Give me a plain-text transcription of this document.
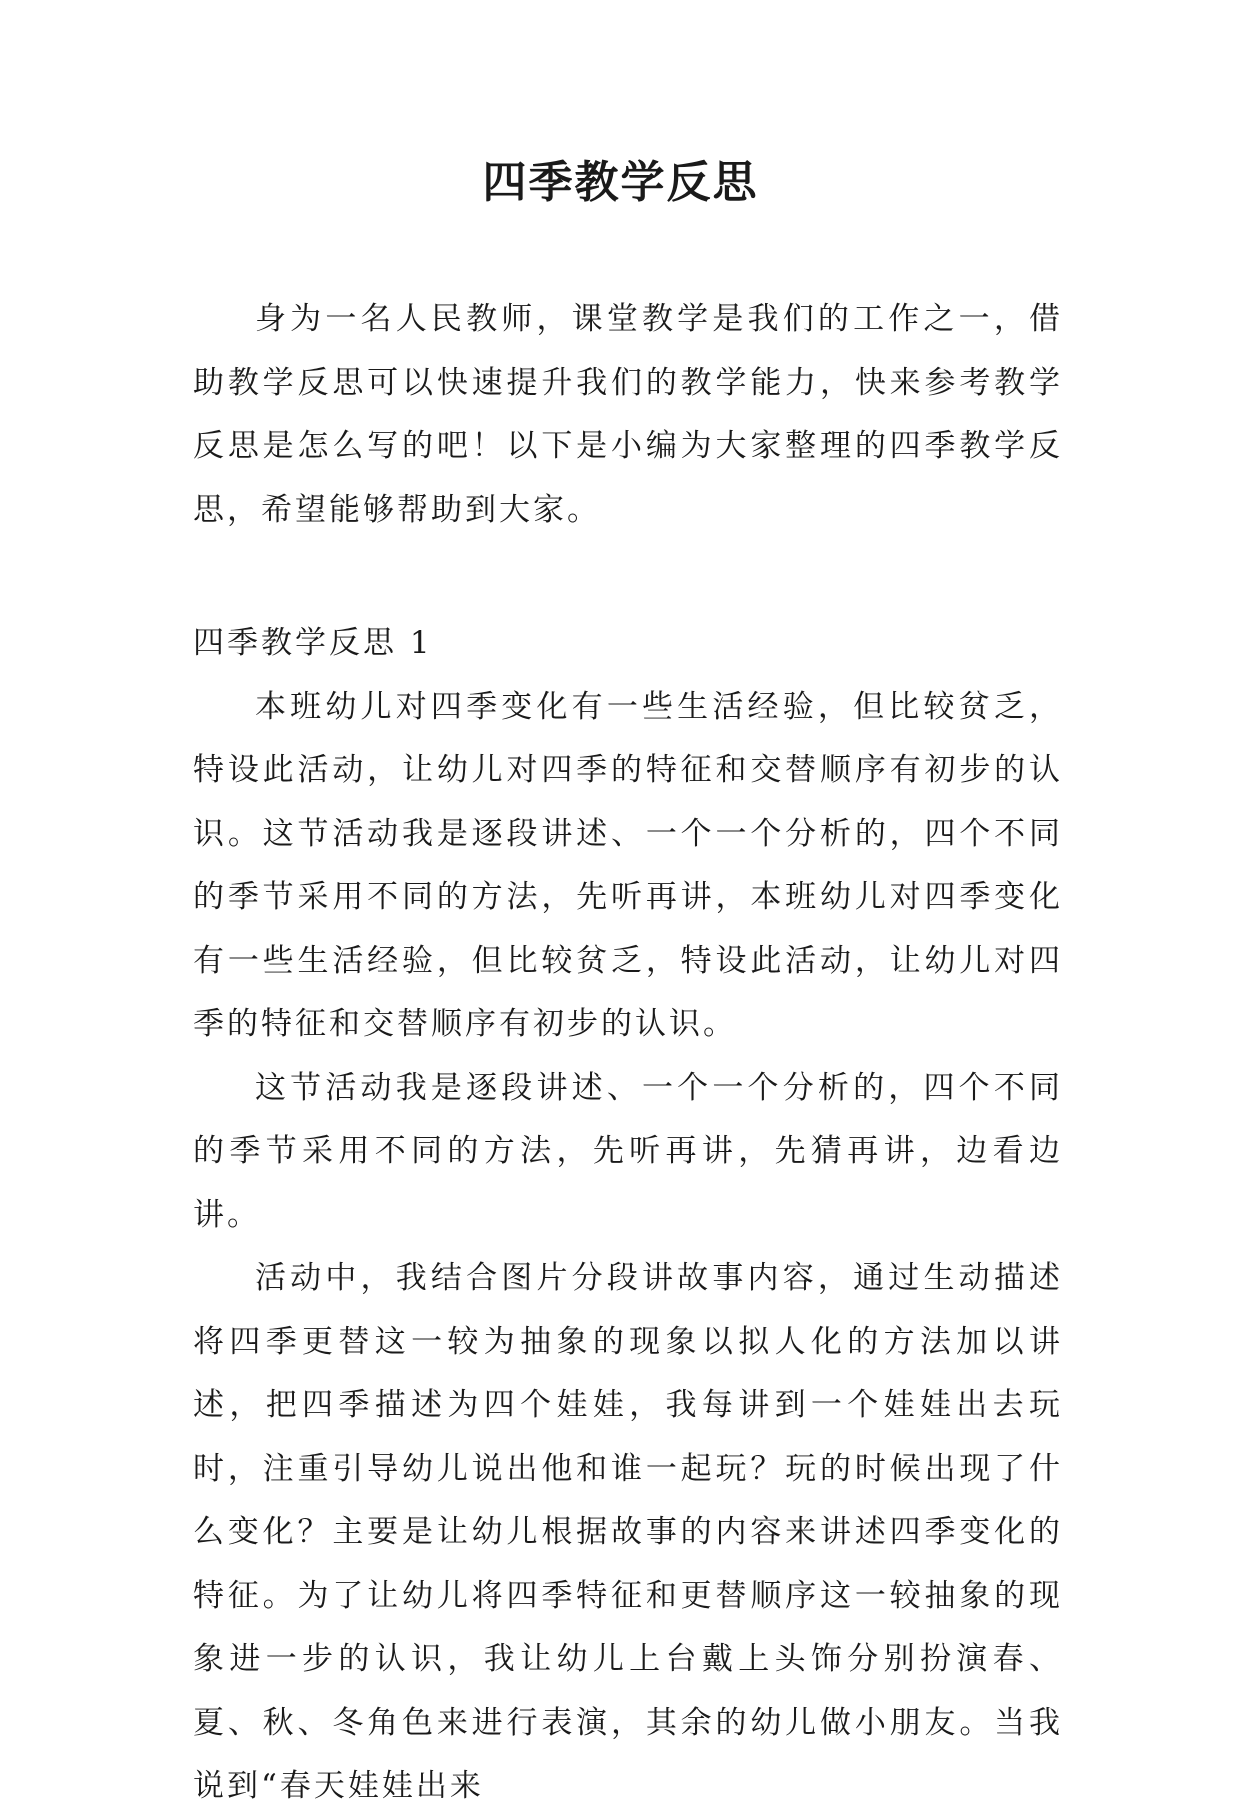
四季教学反思

身为一名人民教师，课堂教学是我们的工作之一，借助教学反思可以快速提升我们的教学能力，快来参考教学反思是怎么写的吧！以下是小编为大家整理的四季教学反思，希望能够帮助到大家。

四季教学反思 1

本班幼儿对四季变化有一些生活经验，但比较贫乏，特设此活动，让幼儿对四季的特征和交替顺序有初步的认识。这节活动我是逐段讲述、一个一个分析的，四个不同的季节采用不同的方法，先听再讲，本班幼儿对四季变化有一些生活经验，但比较贫乏，特设此活动，让幼儿对四季的特征和交替顺序有初步的认识。

这节活动我是逐段讲述、一个一个分析的，四个不同的季节采用不同的方法，先听再讲，先猜再讲，边看边讲。

活动中，我结合图片分段讲故事内容，通过生动描述将四季更替这一较为抽象的现象以拟人化的方法加以讲述，把四季描述为四个娃娃，我每讲到一个娃娃出去玩时，注重引导幼儿说出他和谁一起玩？玩的时候出现了什么变化？主要是让幼儿根据故事的内容来讲述四季变化的特征。为了让幼儿将四季特征和更替顺序这一较抽象的现象进一步的认识，我让幼儿上台戴上头饰分别扮演春、夏、秋、冬角色来进行表演，其余的幼儿做小朋友。当我说到“春天娃娃出来
